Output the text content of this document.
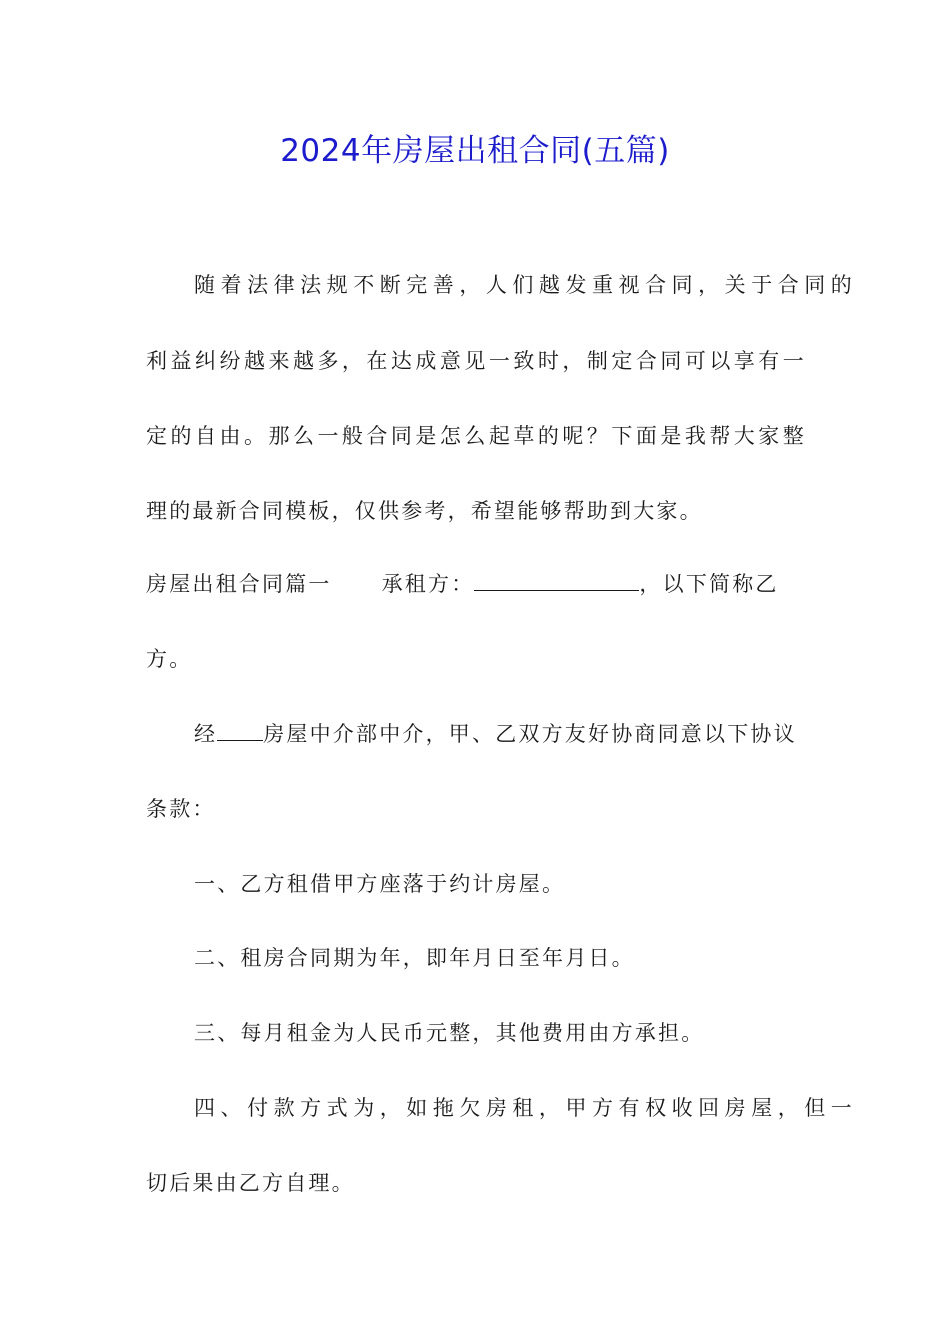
2024年房屋出租合同(五篇)
随着法律法规不断完善，人们越发重视合同，关于合同的
利益纠纷越来越多，在达成意见一致时，制定合同可以享有一
定的自由。那么一般合同是怎么起草的呢？下面是我帮大家整
理的最新合同模板，仅供参考，希望能够帮助到大家。
房屋出租合同篇一 承租方：	，以下简称乙
方。
经 房屋中介部中介，甲、乙双方友好协商同意以下协议
条款：
一、乙方租借甲方座落于约计房屋。
二、租房合同期为年，即年月日至年月日。
三、每月租金为人民币元整，其他费用由方承担。
四、付款方式为，如拖欠房租，甲方有权收回房屋，但一
切后果由乙方自理。
